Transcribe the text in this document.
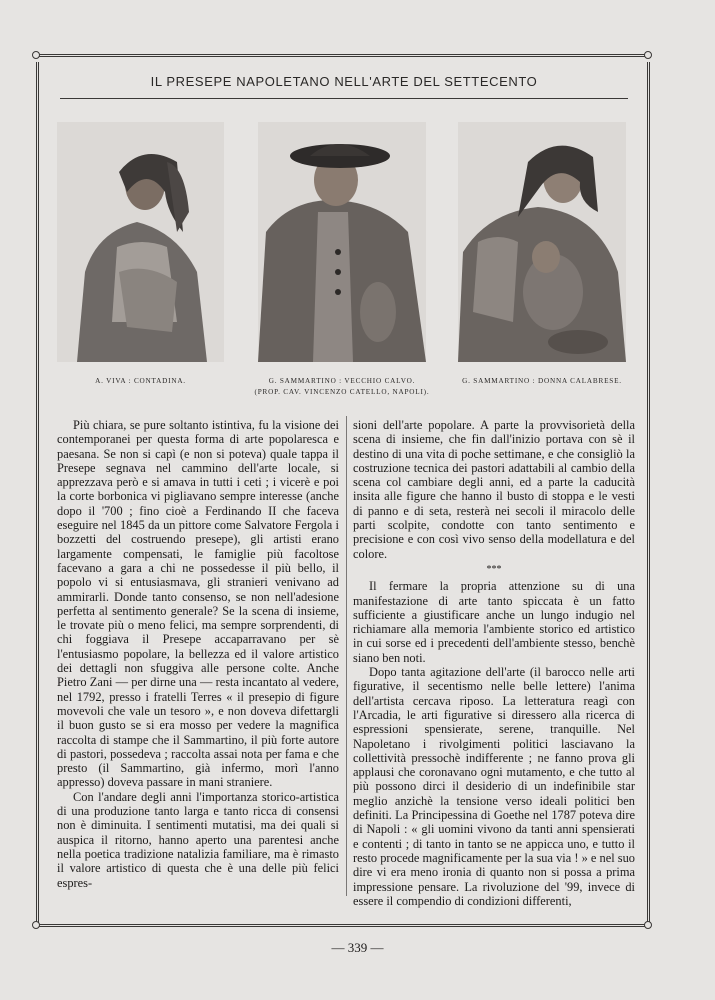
IL PRESEPE NAPOLETANO NELL'ARTE DEL SETTECENTO
A. VIVA : CONTADINA.	G. SAMMARTINO : VECCHIO CALVO.
(PROP. CAV. VINCENZO CATELLO, NAPOLI).
G. SAMMARTINO : DONNA CALABRESE.

Più chiara, se pure soltanto istintiva, fu la visione dei contemporanei per questa forma di arte popolaresca e paesana. Se non si capì (e non si poteva) quale tappa il Presepe segnava nel cammino dell'arte locale, si apprezzava però e si amava in tutti i ceti ; i vicerè e poi la corte borbonica vi pigliavano sempre interesse (anche dopo il '700 ; fino cioè a Ferdinando II che faceva eseguire nel 1845 da un pittore come Salvatore Fergola i bozzetti del costruendo presepe), gli artisti erano largamente compensati, le famiglie più facoltose facevano a gara a chi ne possedesse il più bello, il popolo vi si entusiasmava, gli stranieri venivano ad ammirarli. Donde tanto consenso, se non nell'adesione perfetta al sentimento generale? Se la scena di insieme, le trovate più o meno felici, ma sempre sorprendenti, di chi foggiava il Presepe accaparravano per sè l'entusiasmo popolare, la bellezza ed il valore artistico dei dettagli non sfuggiva alle persone colte. Anche Pietro Zani — per dirne una — resta incantato al vedere, nel 1792, presso i fratelli Terres « il presepio di figure movevoli che vale un tesoro », e non doveva difettargli il buon gusto se si era mosso per vedere la magnifica raccolta di stampe che il Sammartino, il più forte autore di pastori, possedeva ; raccolta assai nota per fama e che presto (il Sammartino, già infermo, morì l'anno appresso) doveva passare in mani straniere.

Con l'andare degli anni l'importanza storico-artistica di una produzione tanto larga e tanto ricca di consensi non è diminuita. I sentimenti mutatisi, ma dei quali si auspica il ritorno, hanno aperto una parentesi anche nella poetica tradizione natalizia familiare, ma è rimasto il valore artistico di questa che è una delle più felici espres-

sioni dell'arte popolare. A parte la provvisorietà della scena di insieme, che fin dall'inizio portava con sè il destino di una vita di poche settimane, e che consigliò la costruzione tecnica dei pastori adattabili al cambio della scena col cambiare degli anni, ed a parte la caducità insita alle figure che hanno il busto di stoppa e le vesti di panno e di seta, resterà nei secoli il miracolo delle parti scolpite, condotte con tanto sentimento e precisione e con così vivo senso della modellatura e del colore.

***

Il fermare la propria attenzione su di una manifestazione di arte tanto spiccata è un fatto sufficiente a giustificare anche un lungo indugio nel richiamare alla memoria l'ambiente storico ed artistico in cui sorse ed i precedenti dell'ambiente stesso, benchè siano ben noti.

Dopo tanta agitazione dell'arte (il barocco nelle arti figurative, il secentismo nelle belle lettere) l'anima dell'artista cercava riposo. La letteratura reagì con l'Arcadia, le arti figurative si diressero alla ricerca di espressioni spensierate, serene, tranquille. Nel Napoletano i rivolgimenti politici lasciavano la collettività pressochè indifferente ; ne fanno prova gli applausi che coronavano ogni mutamento, e che tutto al più possono dirci il desiderio di un indefinibile star meglio anzichè la tensione verso ideali politici ben definiti. La Principessina di Goethe nel 1787 poteva dire di Napoli : « gli uomini vivono da tanti anni spensierati e contenti ; di tanto in tanto se ne appicca uno, e tutto il resto procede magnificamente per la sua via ! » e nel suo dire vi era meno ironia di quanto non si possa a prima impressione pensare. La rivoluzione del '99, invece di essere il compendio di condizioni differenti,

— 339 —
